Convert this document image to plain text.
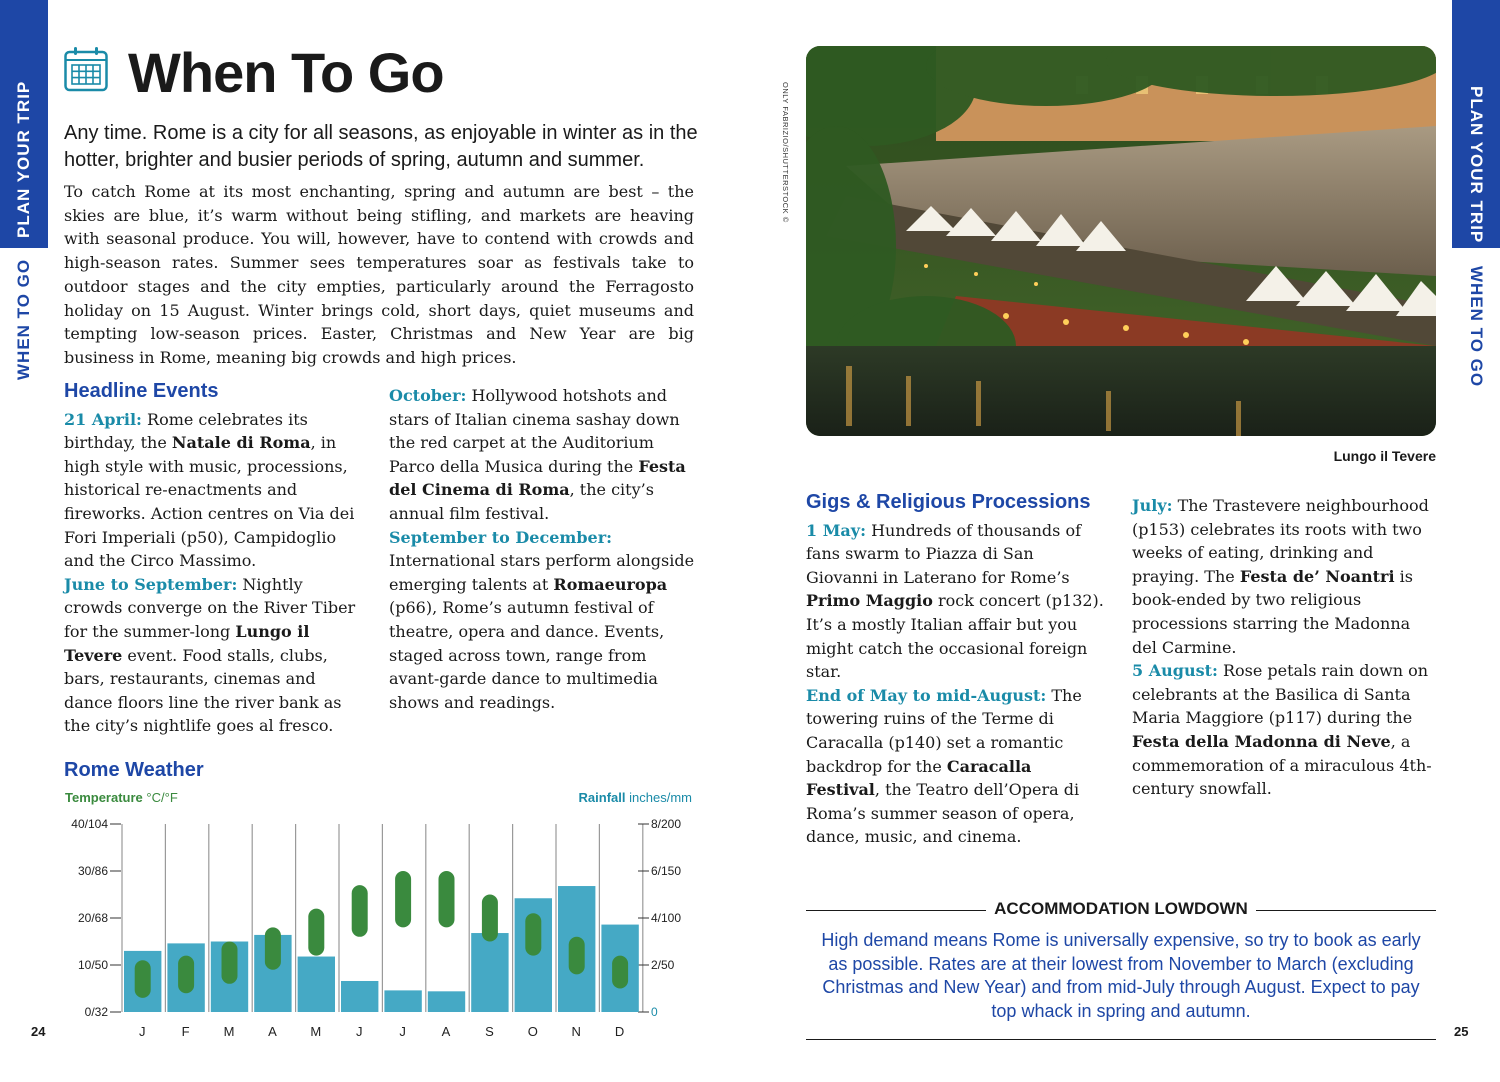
PLAN YOUR TRIP
WHEN TO GO
PLAN YOUR TRIP
WHEN TO GO
When To Go

Any time. Rome is a city for all seasons, as enjoyable in winter as in the hotter, brighter and busier periods of spring, autumn and summer.

To catch Rome at its most enchanting, spring and autumn are best – the skies are blue, it’s warm without being stifling, and markets are heaving with seasonal produce. You will, however, have to contend with crowds and high-season rates. Summer sees temperatures soar as festivals take to outdoor stages and the city empties, particularly around the Ferragosto holiday on 15 August. Winter brings cold, short days, quiet museums and tempting low-season prices. Easter, Christmas and New Year are big business in Rome, meaning big crowds and high prices.

Headline Events

21 April: Rome celebrates its birthday, the Natale di Roma, in high style with music, processions, historical re-enactments and fireworks. Action centres on Via dei Fori Imperiali (p50), Campidoglio and the Circo Massimo.

June to September: Nightly crowds converge on the River Tiber for the summer-long Lungo il Tevere event. Food stalls, clubs, bars, restaurants, cinemas and dance floors line the river bank as the city’s nightlife goes al fresco.

October: Hollywood hotshots and stars of Italian cinema sashay down the red carpet at the Auditorium Parco della Musica during the Festa del Cinema di Roma, the city’s annual film festival.

September to December: International stars perform alongside emerging talents at Romaeuropa (p66), Rome’s autumn festival of theatre, opera and dance. Events, staged across town, range from avant-garde dance to multimedia shows and readings.

Rome Weather
Temperature °C/°F	Rainfall inches/mm
0/32
10/50
20/68
30/86
40/104
0
2/50
4/100
6/150
8/200
J	F	M	A	M	J	J	A	S	O	N	D
ONLY FABRIZIO/SHUTTERSTOCK ©
Lungo il Tevere
Gigs & Religious Processions

1 May: Hundreds of thousands of fans swarm to Piazza di San Giovanni in Laterano for Rome’s Primo Maggio rock concert (p132). It’s a mostly Italian affair but you might catch the occasional foreign star.

End of May to mid-August: The towering ruins of the Terme di Caracalla (p140) set a romantic backdrop for the Caracalla Festival, the Teatro dell’Opera di Roma’s summer season of opera, dance, music, and cinema.

July: The Trastevere neighbourhood (p153) celebrates its roots with two weeks of eating, drinking and praying. The Festa de’ Noantri is book-ended by two religious processions starring the Madonna del Carmine.

5 August: Rose petals rain down on celebrants at the Basilica di Santa Maria Maggiore (p117) during the Festa della Madonna di Neve, a commemoration of a miraculous 4th-century snowfall.

ACCOMMODATION LOWDOWN

High demand means Rome is universally expensive, so try to book as early as possible. Rates are at their lowest from November to March (excluding Christmas and New Year) and from mid-July through August. Expect to pay top whack in spring and autumn.

24	25
